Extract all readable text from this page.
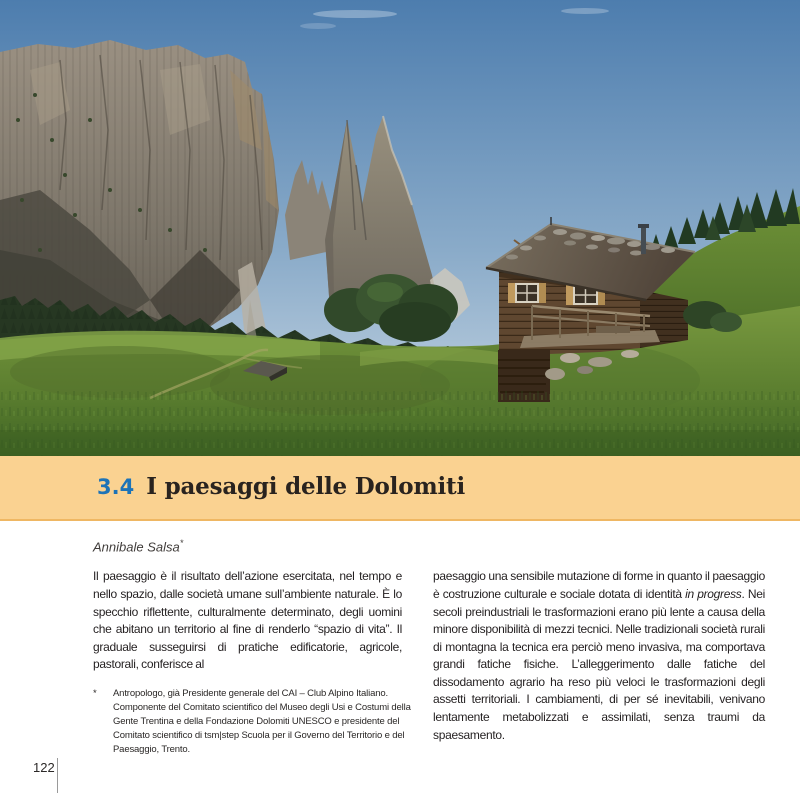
3.4 I paesaggi delle Dolomiti
Annibale Salsa*

Il paesaggio è il risultato dell’azione esercitata, nel tempo e nello spazio, dalle società umane sull’ambiente naturale. È lo specchio riflettente, culturalmente determinato, degli uomini che abitano un territorio al fine di renderlo “spazio di vita”. Il graduale susseguirsi di pratiche edificatorie, agricole, pastorali, conferisce al

* Antropologo, già Presidente generale del CAI – Club Alpino Italiano. Componente del Comitato scientifico del Museo degli Usi e Costumi della Gente Trentina e della Fondazione Dolomiti UNESCO e presidente del Comitato scientifico di tsm|step Scuola per il Governo del Territorio e del Paesaggio, Trento.

paesaggio una sensibile mutazione di forme in quanto il paesaggio è costruzione culturale e sociale dotata di identità in progress. Nei secoli preindustriali le trasformazioni erano più lente a causa della minore disponibilità di mezzi tecnici. Nelle tradizionali società rurali di montagna la tecnica era perciò meno invasiva, ma comportava grandi fatiche fisiche. L’alleggerimento dalle fatiche del dissodamento agrario ha reso più veloci le trasformazioni degli assetti territoriali. I cambiamenti, di per sé inevitabili, venivano lentamente metabolizzati e assimilati, senza traumi da spaesamento.

122
